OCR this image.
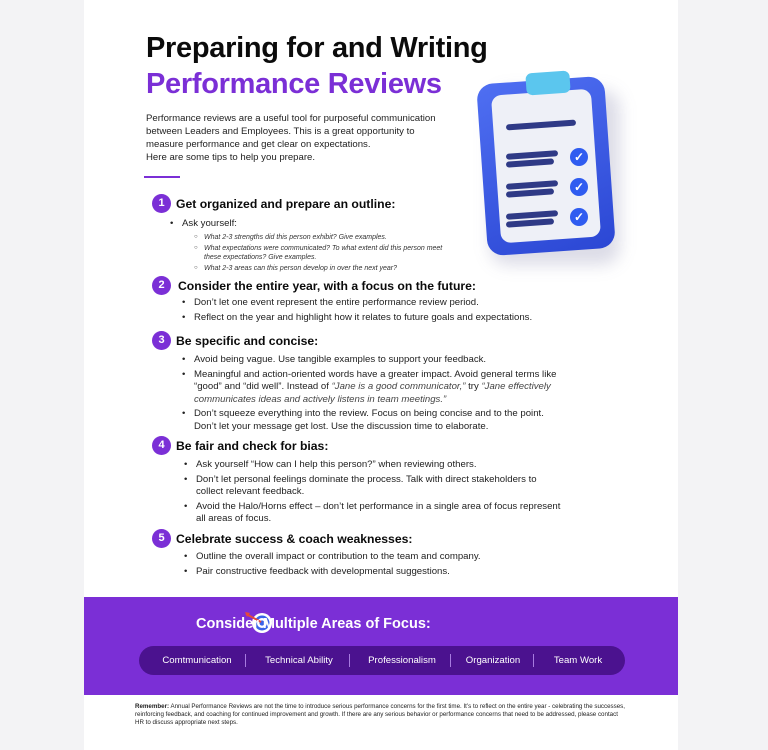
Preparing for and Writing
Performance Reviews
Performance reviews are a useful tool for purposeful communication
between Leaders and Employees. This is a great opportunity to
measure performance and get clear on expectations.
Here are some tips to help you prepare.	✓
✓
✓
1 Get organized and prepare an outline:
• Ask yourself:
○ What 2-3 strengths did this person exhibit? Give examples.
○ What expectations were communicated? To what extent did this person meet
these expectations? Give examples.
○ What 2-3 areas can this person develop in over the next year?
2	Consider the entire year, with a focus on the future:
• Don’t let one event represent the entire performance review period.
• Reflect on the year and highlight how it relates to future goals and expectations.
3 Be specific and concise:
• Avoid being vague. Use tangible examples to support your feedback.
• Meaningful and action-oriented words have a greater impact. Avoid general terms like
“good” and “did well”. Instead of “Jane is a good communicator,” try “Jane effectively
communicates ideas and actively listens in team meetings.”
• Don’t squeeze everything into the review. Focus on being concise and to the point.
Don’t let your message get lost. Use the discussion time to elaborate.
4 Be fair and check for bias:
• Ask yourself “How can I help this person?” when reviewing others.
• Don’t let personal feelings dominate the process. Talk with direct stakeholders to
collect relevant feedback.
• Avoid the Halo/Horns effect – don’t let performance in a single area of focus represent
all areas of focus.
5 Celebrate success & coach weaknesses:
• Outline the overall impact or contribution to the team and company.
• Pair constructive feedback with developmental suggestions.
Consider Multiple Areas of Focus:
Comtmunication	Technical Ability	Professionalism	Organization	Team Work
Remember: Annual Performance Reviews are not the time to introduce serious performance concerns for the first time. It’s to reflect on the entire year - celebrating the successes,
reinforcing feedback, and coaching for continued improvement and growth. If there are any serious behavior or performance concerns that need to be addressed, please contact
HR to discuss appropriate next steps.
